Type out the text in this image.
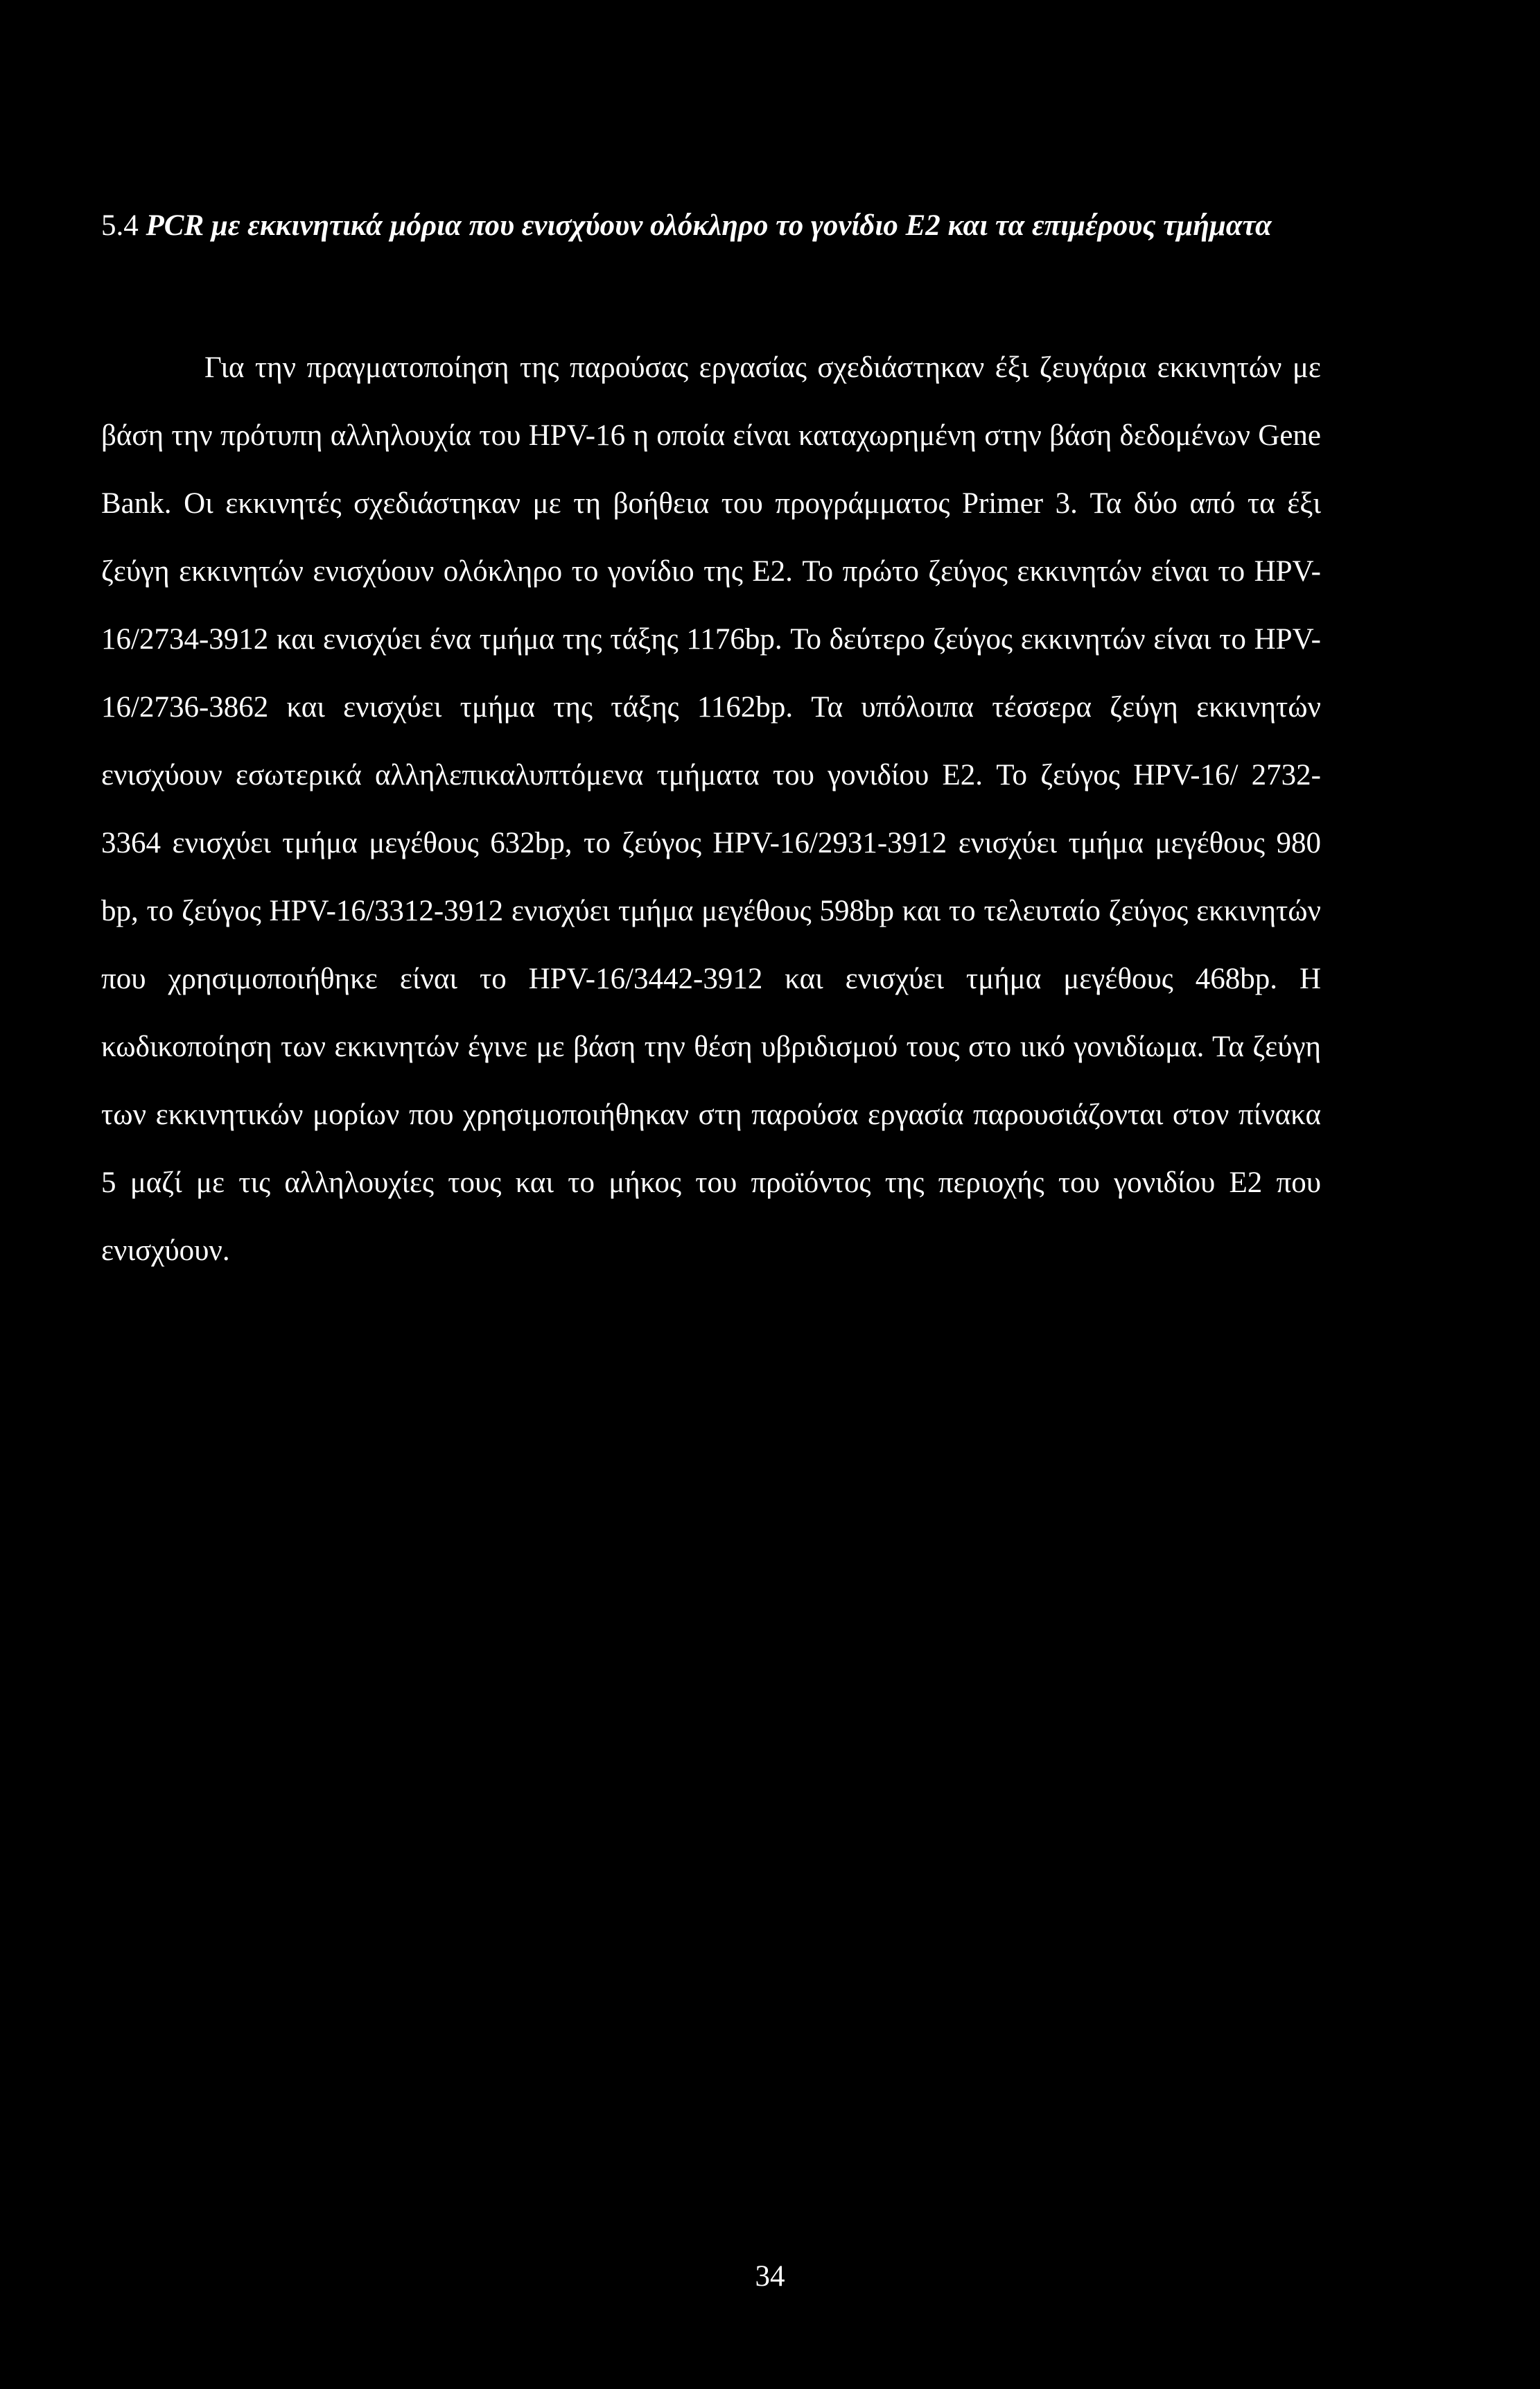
5.4 PCR με εκκινητικά μόρια που ενισχύουν ολόκληρο το γονίδιο E2 και τα επιμέρους τμήματα

Για την πραγματοποίηση της παρούσας εργασίας σχεδιάστηκαν έξι ζευγάρια εκκινητών με βάση την πρότυπη αλληλουχία του HPV-16 η οποία είναι καταχωρημένη στην βάση δεδομένων Gene Bank. Οι εκκινητές σχεδιάστηκαν με τη βοήθεια του προγράμματος Primer 3. Τα δύο από τα έξι ζεύγη εκκινητών ενισχύουν ολόκληρο το γονίδιο της E2. Το πρώτο ζεύγος εκκινητών είναι το HPV-16/2734-3912 και ενισχύει ένα τμήμα της τάξης 1176bp. Το δεύτερο ζεύγος εκκινητών είναι το HPV-16/2736-3862 και ενισχύει τμήμα της τάξης 1162bp. Τα υπόλοιπα τέσσερα ζεύγη εκκινητών ενισχύουν εσωτερικά αλληλεπικαλυπτόμενα τμήματα του γονιδίου E2. Το ζεύγος HPV-16/ 2732-3364 ενισχύει τμήμα μεγέθους 632bp, το ζεύγος HPV-16/2931-3912 ενισχύει τμήμα μεγέθους 980 bp, το ζεύγος HPV-16/3312-3912 ενισχύει τμήμα μεγέθους 598bp και το τελευταίο ζεύγος εκκινητών που χρησιμοποιήθηκε είναι το HPV-16/3442-3912 και ενισχύει τμήμα μεγέθους 468bp. Η κωδικοποίηση των εκκινητών έγινε με βάση την θέση υβριδισμού τους στο ιικό γονιδίωμα. Τα ζεύγη των εκκινητικών μορίων που χρησιμοποιήθηκαν στη παρούσα εργασία παρουσιάζονται στον πίνακα 5 μαζί με τις αλληλουχίες τους και το μήκος του προϊόντος της περιοχής του γονιδίου E2 που ενισχύουν.

34
